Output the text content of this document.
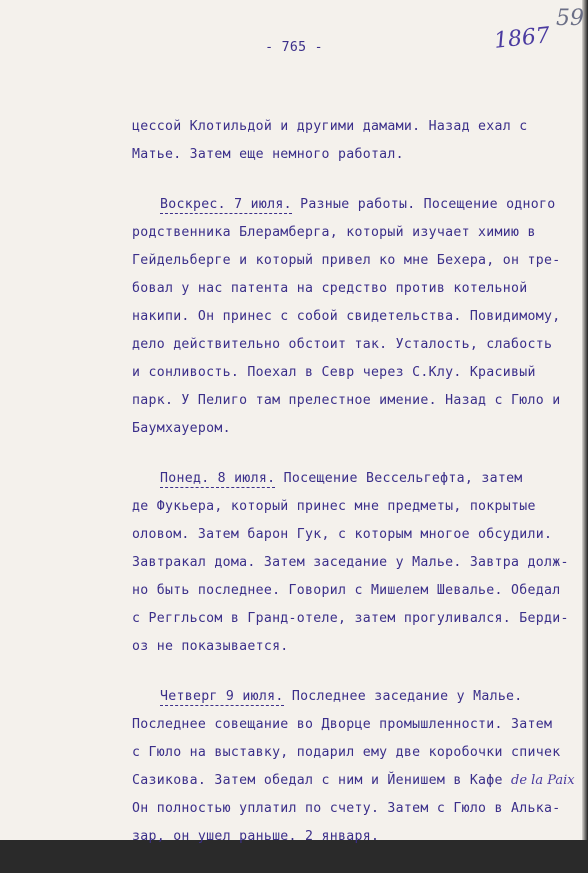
- 765 -	1867
59
цессой Клотильдой и другими дамами. Назад ехал с
Матье. Затем еще немного работал.
Воскрес. 7 июля. Разные работы. Посещение одного
родственника Блерамберга, который изучает химию в
Гейдельберге и который привел ко мне Бехера, он тре-
бовал у нас патента на средство против котельной
накипи. Он принес с собой свидетельства. Повидимому,
дело действительно обстоит так. Усталость, слабость
и сонливость. Поехал в Севр через С.Клу. Красивый
парк. У Пелиго там прелестное имение. Назад с Гюло и
Баумхауером.
Понед. 8 июля. Посещение Вессельгефта, затем
де Фукьера, который принес мне предметы, покрытые
оловом. Затем барон Гук, с которым многое обсудили.
Завтракал дома. Затем заседание у Малье. Завтра долж-
но быть последнее. Говорил с Мишелем Шевалье. Обедал
с Реггльсом в Гранд-отеле, затем прогуливался. Берди-
оз не показывается.
Четверг 9 июля. Последнее заседание у Малье.
Последнее совещание во Дворце промышленности. Затем
с Гюло на выставку, подарил ему две коробочки спичек
Сазикова. Затем обедал с ним и Йенишем в Кафе de la Paix
Он полностью уплатил по счету. Затем с Гюло в Алька-
зар, он ушел раньше. 2 января.
